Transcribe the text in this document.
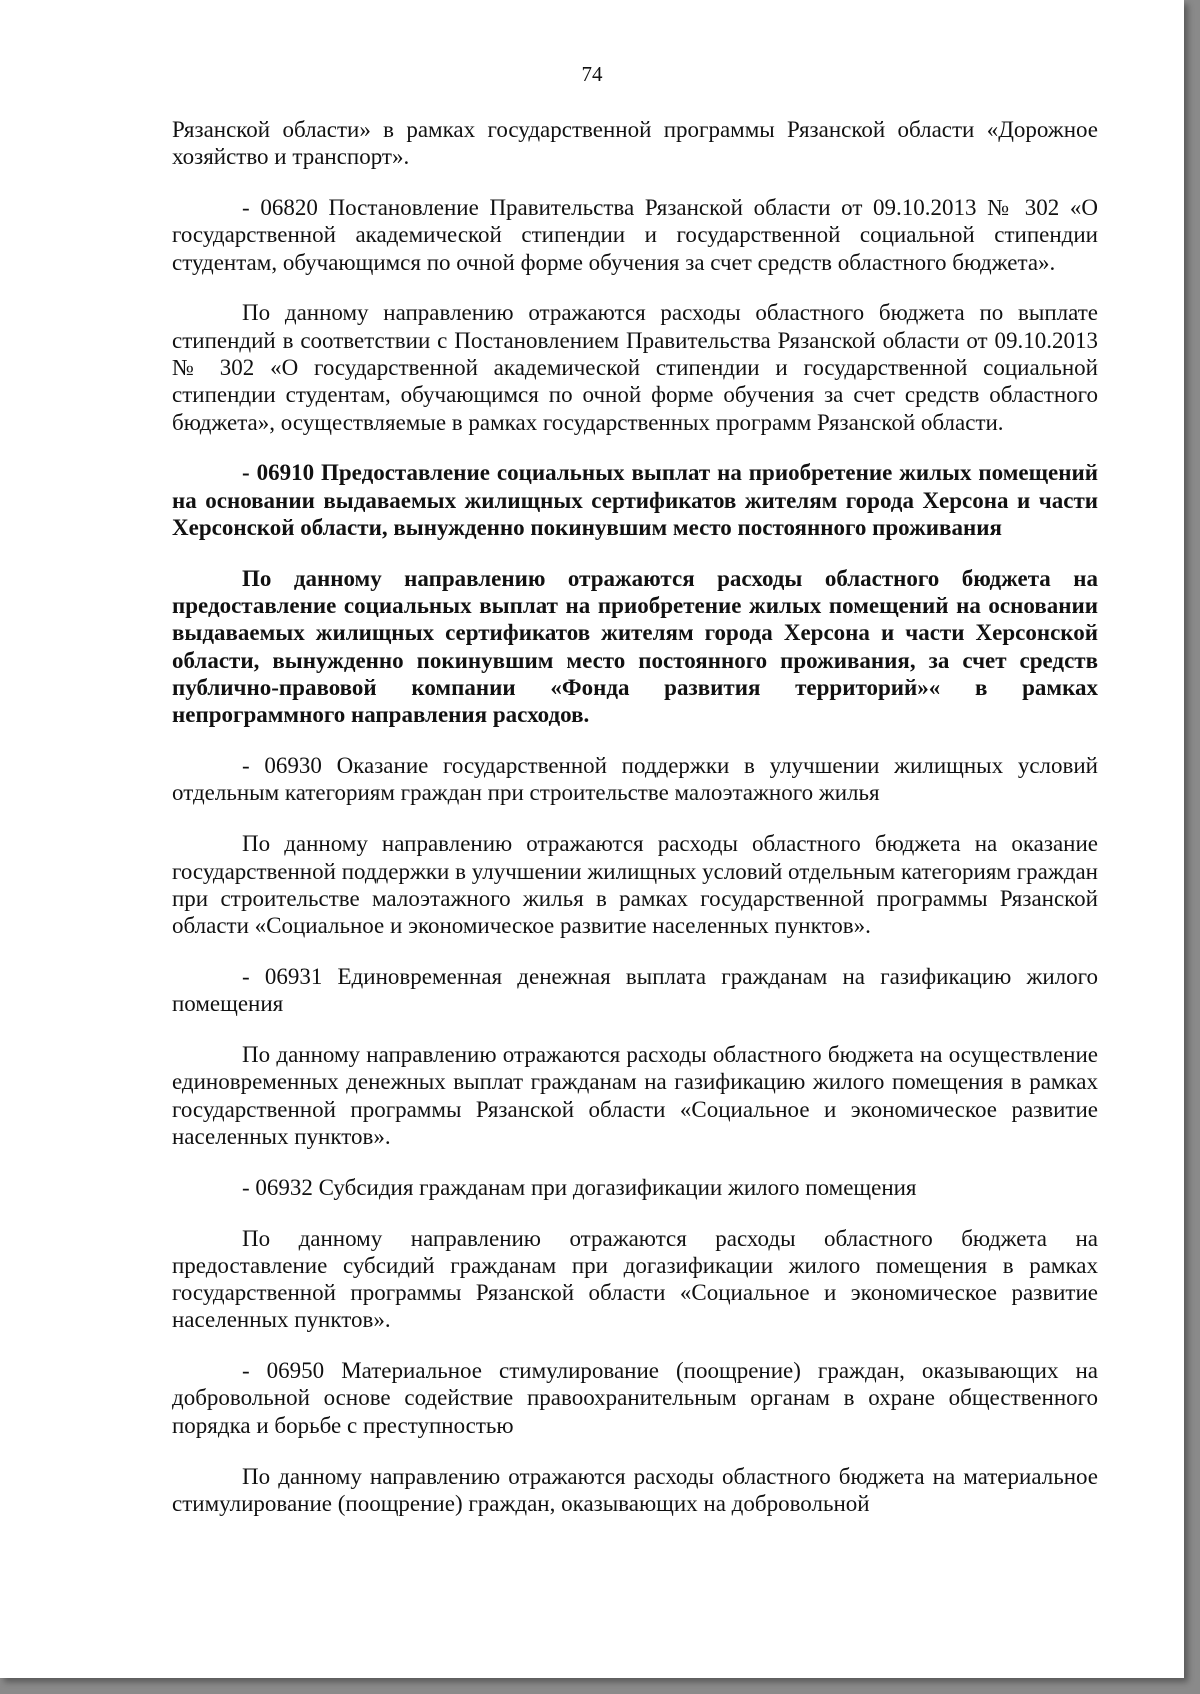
74

Рязанской области» в рамках государственной программы Рязанской области «Дорожное хозяйство и транспорт».

- 06820 Постановление Правительства Рязанской области от 09.10.2013 № 302 «О государственной академической стипендии и государственной социальной стипендии студентам, обучающимся по очной форме обучения за счет средств областного бюджета».

По данному направлению отражаются расходы областного бюджета по выплате стипендий в соответствии с Постановлением Правительства Рязанской области от 09.10.2013 № 302 «О государственной академической стипендии и государственной социальной стипендии студентам, обучающимся по очной форме обучения за счет средств областного бюджета», осуществляемые в рамках государственных программ Рязанской области.

- 06910 Предоставление социальных выплат на приобретение жилых помещений на основании выдаваемых жилищных сертификатов жителям города Херсона и части Херсонской области, вынужденно покинувшим место постоянного проживания

По данному направлению отражаются расходы областного бюджета на предоставление социальных выплат на приобретение жилых помещений на основании выдаваемых жилищных сертификатов жителям города Херсона и части Херсонской области, вынужденно покинувшим место постоянного проживания, за счет средств публично-правовой компании «Фонда развития территорий»« в рамках непрограммного направления расходов.

- 06930 Оказание государственной поддержки в улучшении жилищных условий отдельным категориям граждан при строительстве малоэтажного жилья

По данному направлению отражаются расходы областного бюджета на оказание государственной поддержки в улучшении жилищных условий отдельным категориям граждан при строительстве малоэтажного жилья в рамках государственной программы Рязанской области «Социальное и экономическое развитие населенных пунктов».

- 06931 Единовременная денежная выплата гражданам на газификацию жилого помещения

По данному направлению отражаются расходы областного бюджета на осуществление единовременных денежных выплат гражданам на газификацию жилого помещения в рамках государственной программы Рязанской области «Социальное и экономическое развитие населенных пунктов».

- 06932 Субсидия гражданам при догазификации жилого помещения

По данному направлению отражаются расходы областного бюджета на предоставление субсидий гражданам при догазификации жилого помещения в рамках государственной программы Рязанской области «Социальное и экономическое развитие населенных пунктов».

- 06950 Материальное стимулирование (поощрение) граждан, оказывающих на добровольной основе содействие правоохранительным органам в охране общественного порядка и борьбе с преступностью

По данному направлению отражаются расходы областного бюджета на материальное стимулирование (поощрение) граждан, оказывающих на добровольной
